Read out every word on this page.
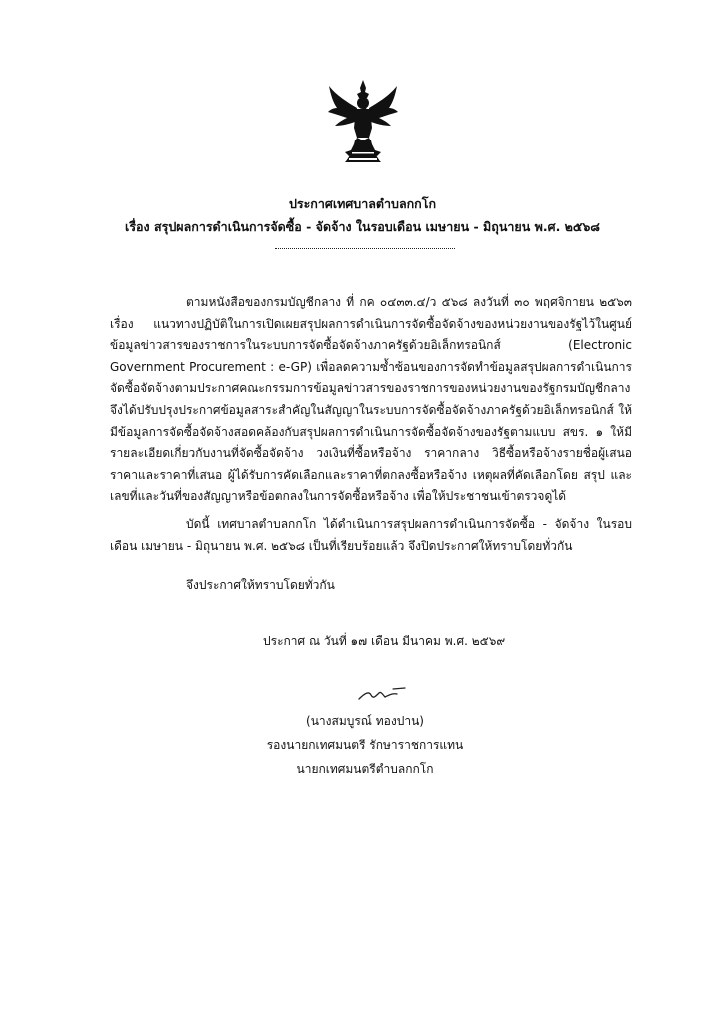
ประกาศเทศบาลตำบลกกโก
เรื่อง สรุปผลการดำเนินการจัดซื้อ - จัดจ้าง ในรอบเดือน เมษายน - มิถุนายน พ.ศ. ๒๕๖๘
ตามหนังสือของกรมบัญชีกลาง ที่ กค ๐๔๓๓.๔/ว ๕๖๘ ลงวันที่ ๓๐ พฤศจิกายน ๒๕๖๓ เรื่อง แนวทางปฏิบัติในการเปิดเผยสรุปผลการดำเนินการจัดซื้อจัดจ้างของหน่วยงานของรัฐไว้ในศูนย์ข้อมูลข่าวสารของราชการในระบบการจัดซื้อจัดจ้างภาครัฐด้วยอิเล็กทรอนิกส์ (Electronic Government Procurement : e-GP) เพื่อลดความซ้ำซ้อนของการจัดทำข้อมูลสรุปผลการดำเนินการจัดซื้อจัดจ้างตามประกาศคณะกรรมการข้อมูลข่าวสารของราชการของหน่วยงานของรัฐกรมบัญชีกลางจึงได้ปรับปรุงประกาศข้อมูลสาระสำคัญในสัญญาในระบบการจัดซื้อจัดจ้างภาครัฐด้วยอิเล็กทรอนิกส์ ให้มีข้อมูลการจัดซื้อจัดจ้างสอดคล้องกับสรุปผลการดำเนินการจัดซื้อจัดจ้างของรัฐตามแบบ สขร. ๑ ให้มีรายละเอียดเกี่ยวกับงานที่จัดซื้อจัดจ้าง วงเงินที่ซื้อหรือจ้าง ราคากลาง วิธีซื้อหรือจ้างรายชื่อผู้เสนอราคาและราคาที่เสนอ ผู้ได้รับการคัดเลือกและราคาที่ตกลงซื้อหรือจ้าง เหตุผลที่คัดเลือกโดย สรุป และเลขที่และวันที่ของสัญญาหรือข้อตกลงในการจัดซื้อหรือจ้าง เพื่อให้ประชาชนเข้าตรวจดูได้
บัดนี้ เทศบาลตำบลกกโก ได้ดำเนินการสรุปผลการดำเนินการจัดซื้อ - จัดจ้าง ในรอบเดือน เมษายน - มิถุนายน พ.ศ. ๒๕๖๘ เป็นที่เรียบร้อยแล้ว จึงปิดประกาศให้ทราบโดยทั่วกัน
จึงประกาศให้ทราบโดยทั่วกัน
ประกาศ ณ วันที่ ๑๗ เดือน มีนาคม พ.ศ. ๒๕๖๙
(นางสมบูรณ์ ทองปาน)
รองนายกเทศมนตรี รักษาราชการแทน
นายกเทศมนตรีตำบลกกโก
